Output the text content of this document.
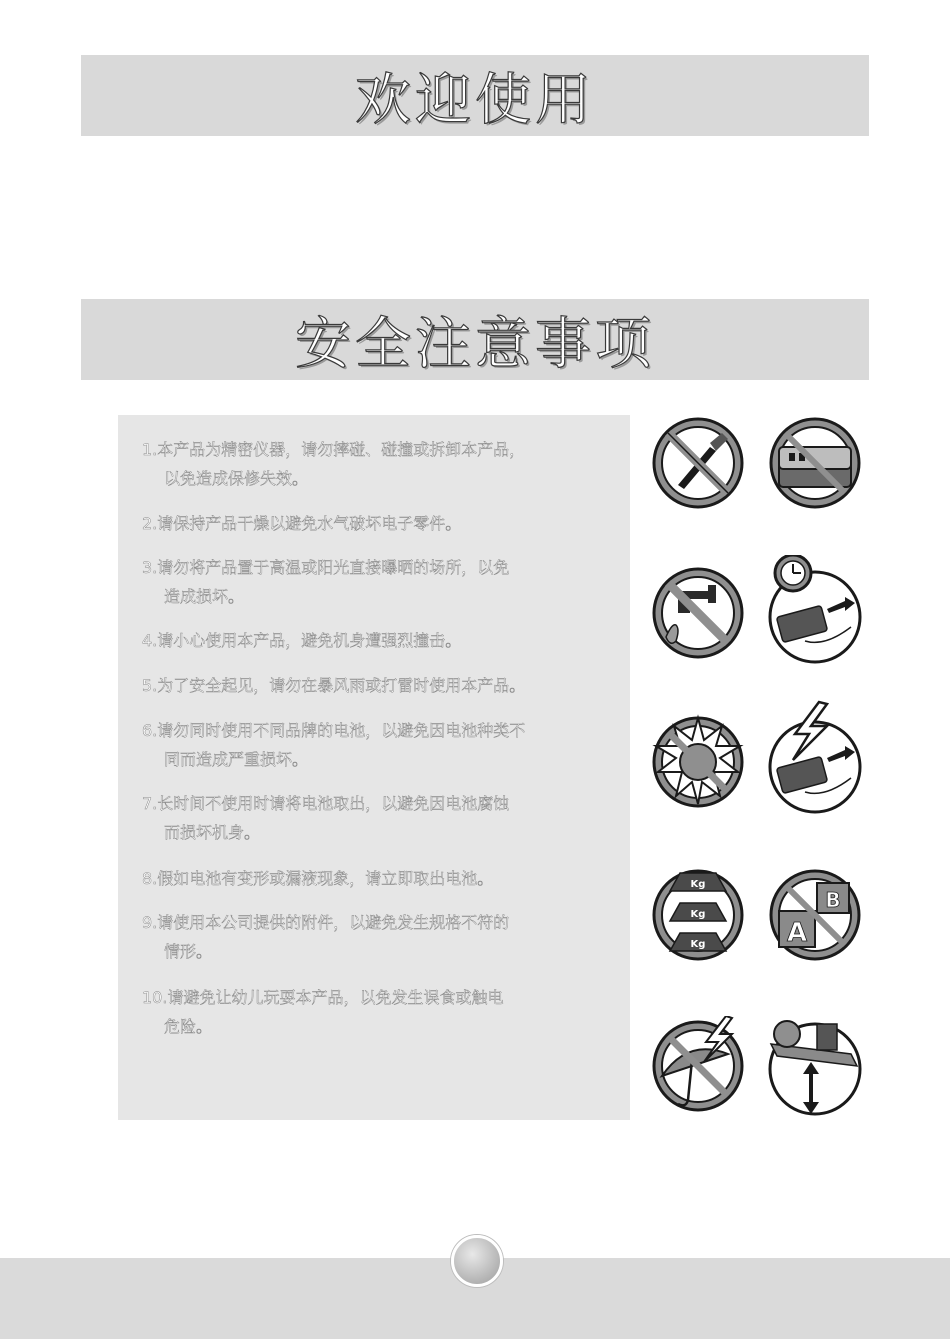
欢迎使用
安全注意事项
1.本产品为精密仪器，请勿摔碰、碰撞或拆卸本产品，
以免造成保修失效。
2.请保持产品干燥以避免水气破坏电子零件。
3.请勿将产品置于高温或阳光直接曝晒的场所，以免
造成损坏。
4.请小心使用本产品，避免机身遭强烈撞击。
5.为了安全起见，请勿在暴风雨或打雷时使用本产品。
6.请勿同时使用不同品牌的电池，以避免因电池种类不
同而造成严重损坏。
7.长时间不使用时请将电池取出，以避免因电池腐蚀
而损坏机身。
8.假如电池有变形或漏液现象，请立即取出电池。
9.请使用本公司提供的附件，以避免发生规格不符的
情形。
10.请避免让幼儿玩耍本产品，以免发生误食或触电
危险。
Kg
Kg
Kg	A
B
